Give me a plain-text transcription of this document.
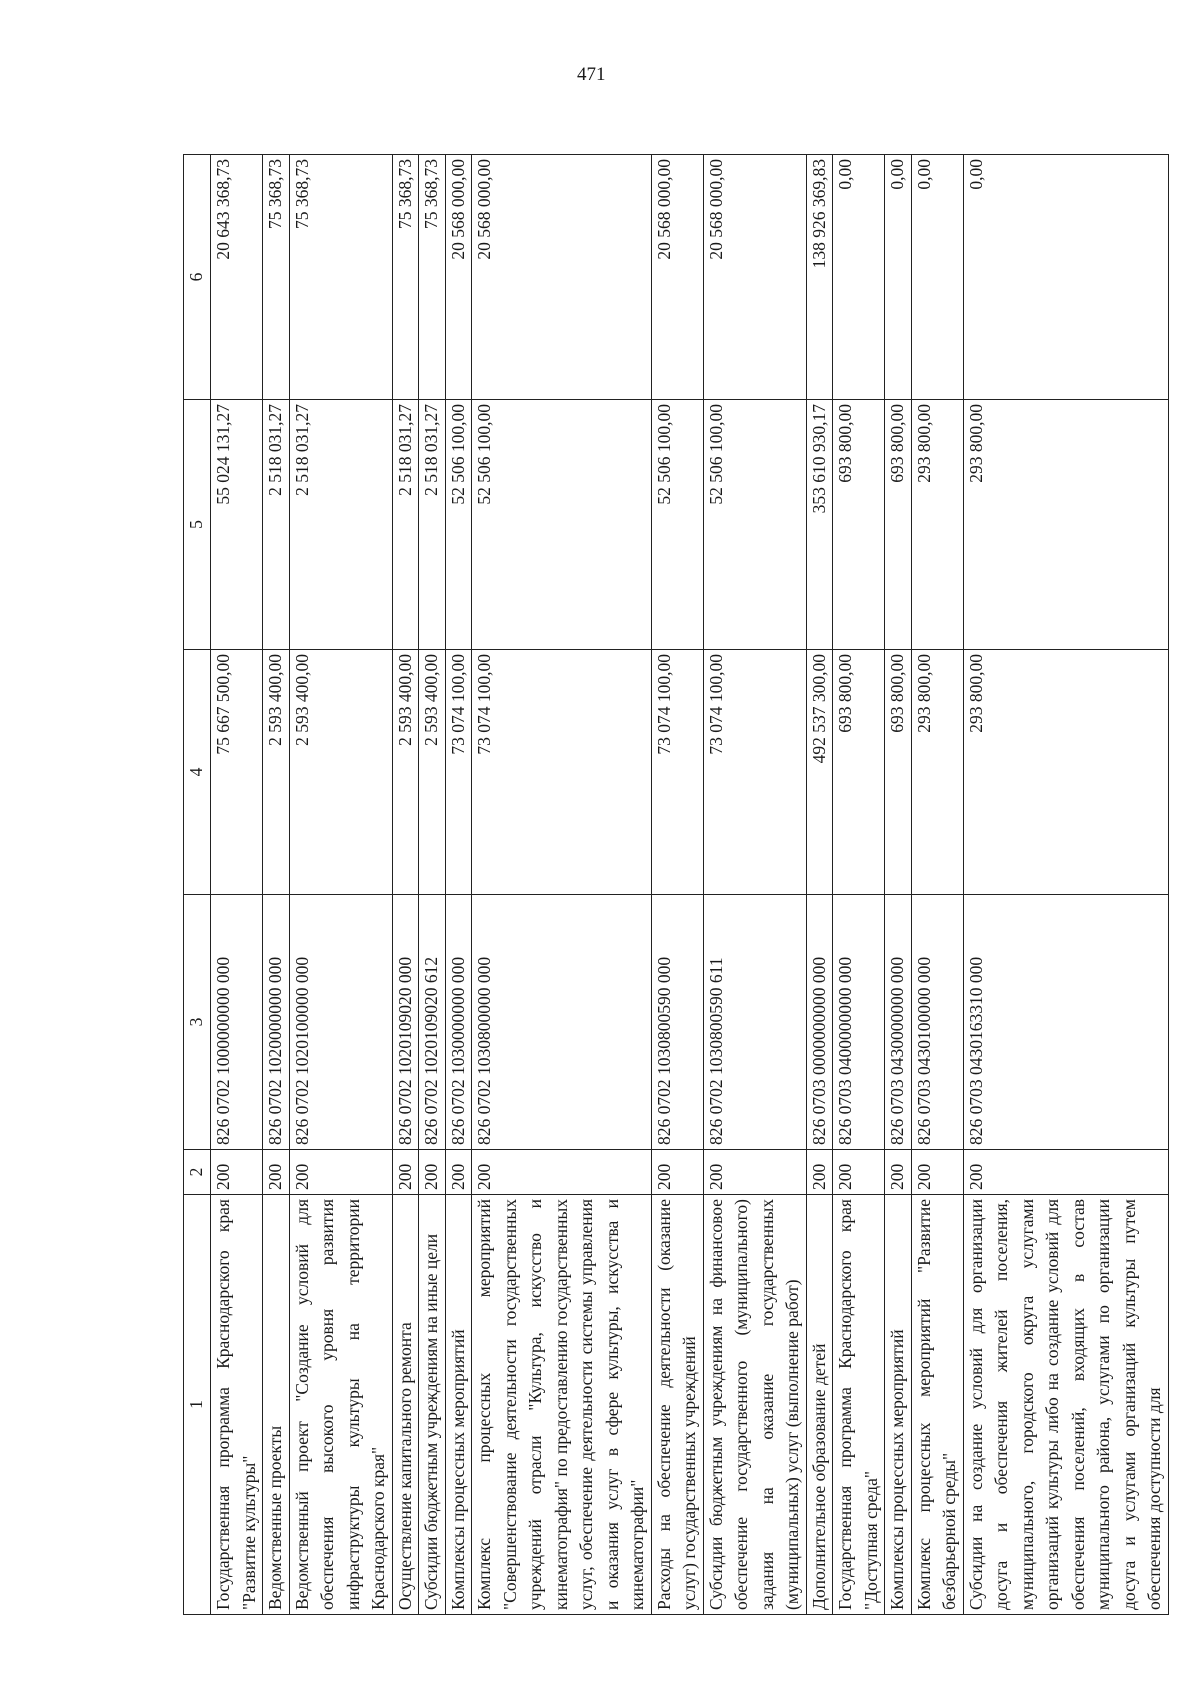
471
1	2	3	4	5	6
Государственная программа Краснодарского края "Развитие культуры"	200	826 0702 1000000000 000	75 667 500,00	55 024 131,27	20 643 368,73
Ведомственные проекты	200	826 0702 1020000000 000	2 593 400,00	2 518 031,27	75 368,73
Ведомственный проект "Создание условий для обеспечения высокого уровня развития инфраструктуры культуры на территории Краснодарского края"	200	826 0702 1020100000 000	2 593 400,00	2 518 031,27	75 368,73
Осуществление капитального ремонта	200	826 0702 1020109020 000	2 593 400,00	2 518 031,27	75 368,73
Субсидии бюджетным учреждениям на иные цели	200	826 0702 1020109020 612	2 593 400,00	2 518 031,27	75 368,73
Комплексы процессных мероприятий	200	826 0702 1030000000 000	73 074 100,00	52 506 100,00	20 568 000,00
Комплекс процессных мероприятий "Совершенствование деятельности государственных учреждений отрасли "Культура, искусство и кинематография" по предоставлению государственных услуг, обеспечение деятельности системы управления и оказания услуг в сфере культуры, искусства и кинематографии"	200	826 0702 1030800000 000	73 074 100,00	52 506 100,00	20 568 000,00
Расходы на обеспечение деятельности (оказание услуг) государственных учреждений	200	826 0702 1030800590 000	73 074 100,00	52 506 100,00	20 568 000,00
Субсидии бюджетным учреждениям на финансовое обеспечение государственного (муниципального) задания на оказание государственных (муниципальных) услуг (выполнение работ)	200	826 0702 1030800590 611	73 074 100,00	52 506 100,00	20 568 000,00
Дополнительное образование детей	200	826 0703 0000000000 000	492 537 300,00	353 610 930,17	138 926 369,83
Государственная программа Краснодарского края "Доступная среда"	200	826 0703 0400000000 000	693 800,00	693 800,00	0,00
Комплексы процессных мероприятий	200	826 0703 0430000000 000	693 800,00	693 800,00	0,00
Комплекс процессных мероприятий "Развитие безбарьерной среды"	200	826 0703 0430100000 000	293 800,00	293 800,00	0,00
Субсидии на создание условий для организации досуга и обеспечения жителей поселения, муниципального, городского округа услугами организаций культуры либо на создание условий для обеспечения поселений, входящих в состав муниципального района, услугами по организации досуга и услугами организаций культуры путем обеспечения доступности для	200	826 0703 0430163310 000	293 800,00	293 800,00	0,00
